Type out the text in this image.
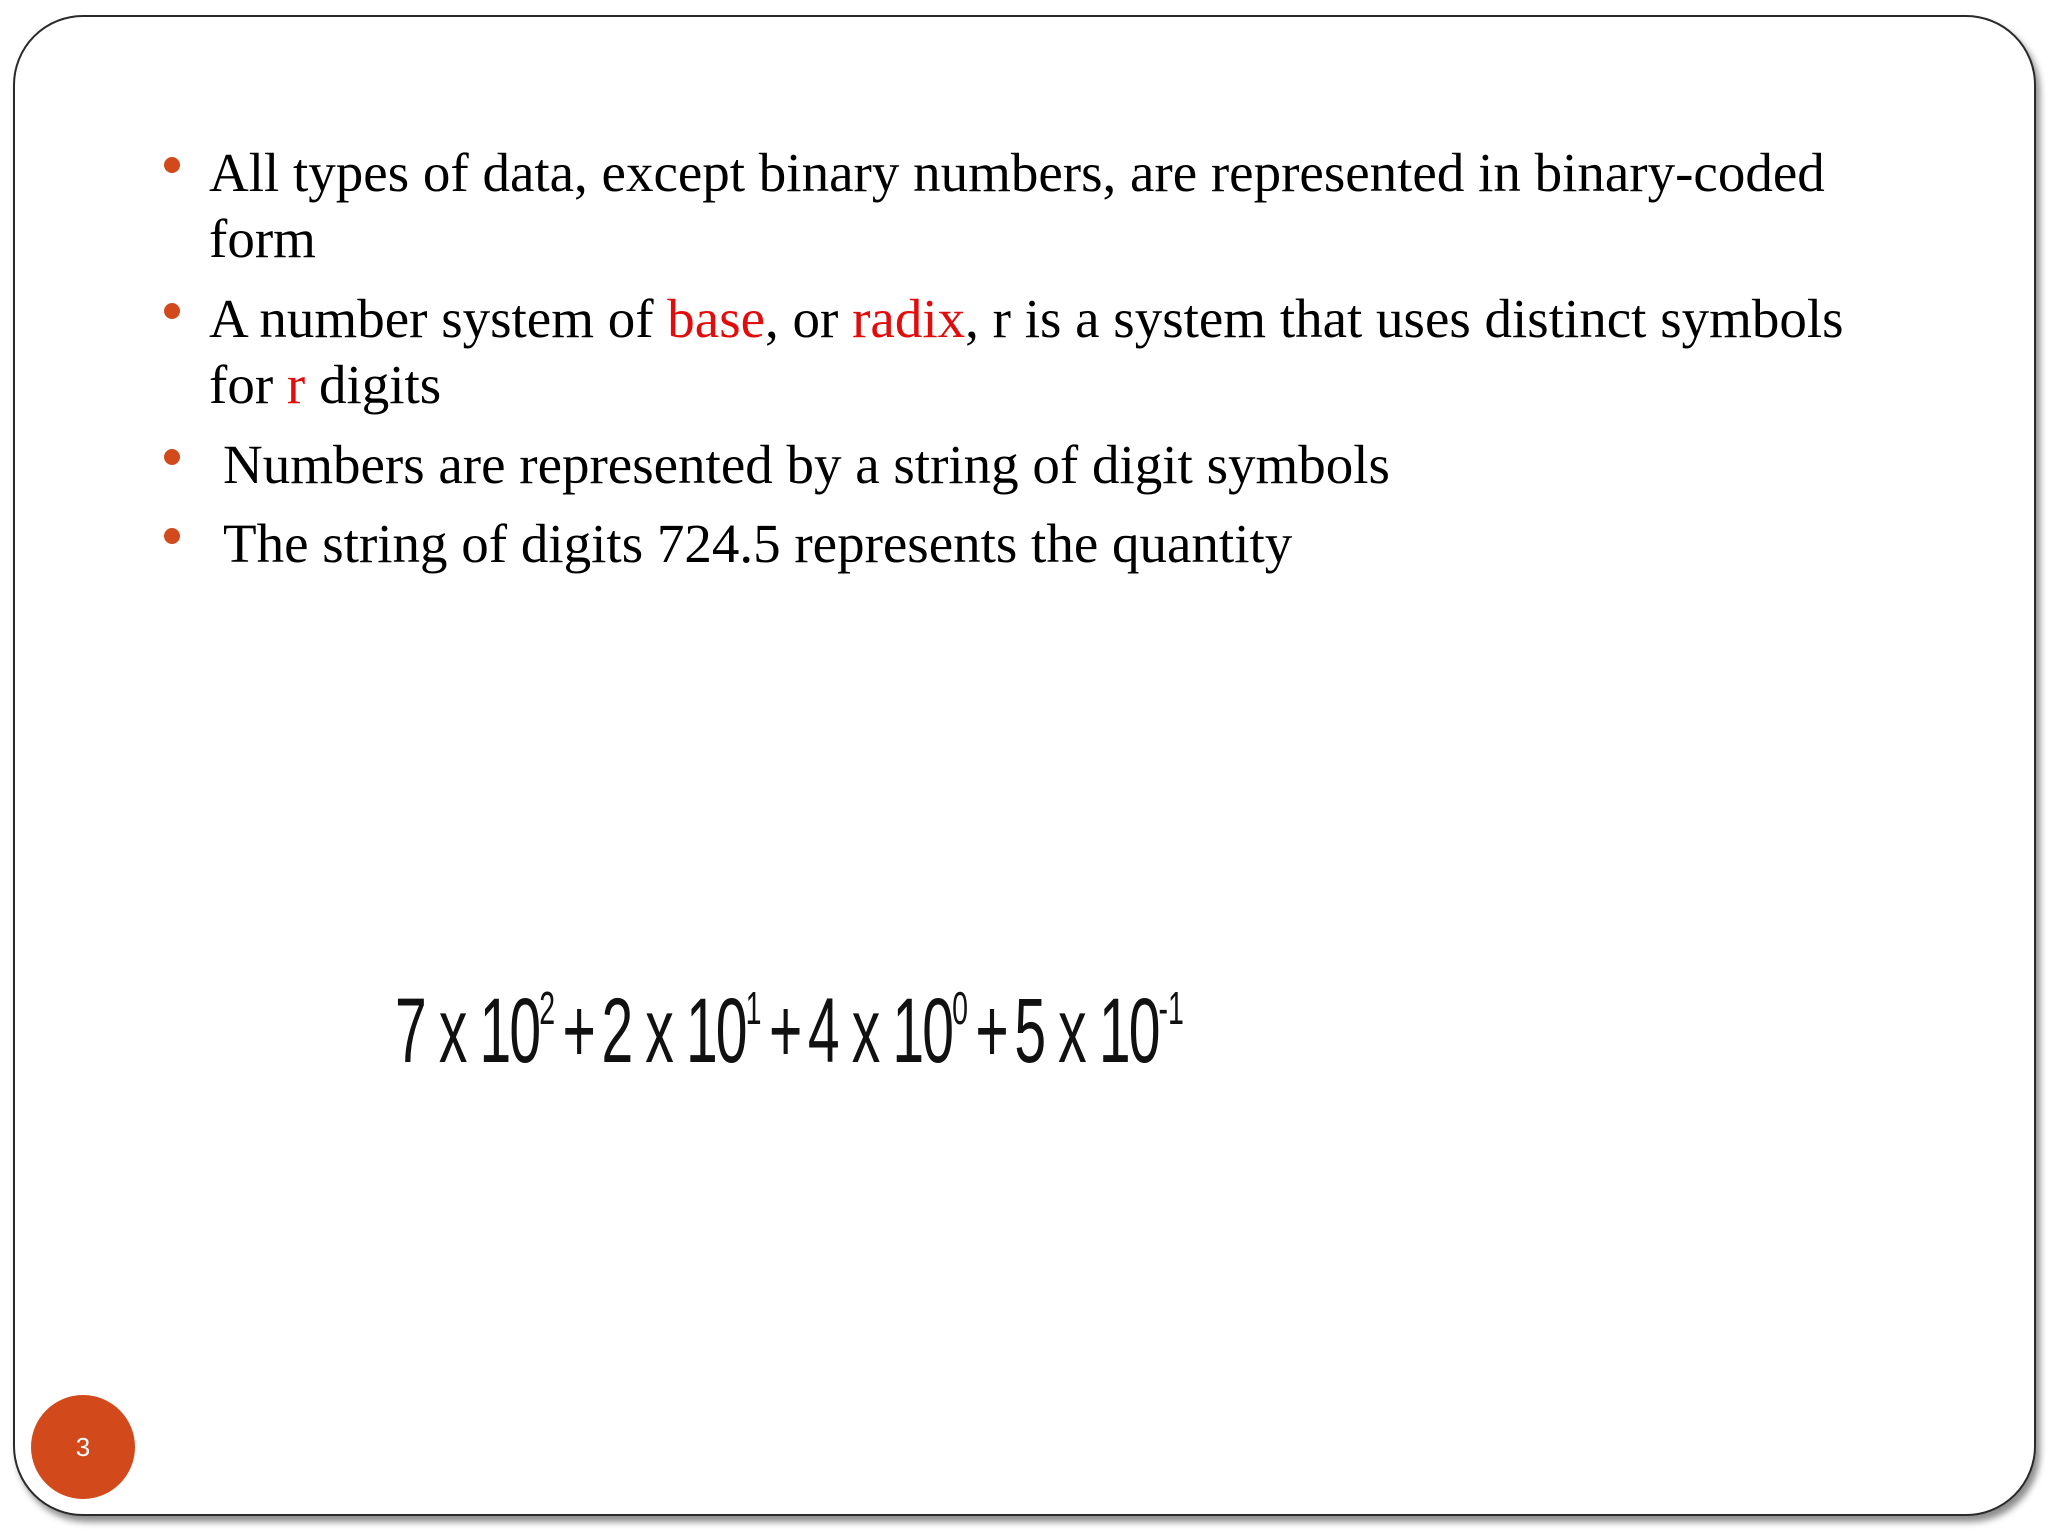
All types of data, except binary numbers, are represented in binary-coded form
A number system of base, or radix, r is a system that uses distinct symbols for r digits
Numbers are represented by a string of digit symbols
The string of digits 724.5 represents the quantity
7 x $10^2+2$ x $10^1+4$ x $10^0+5$ x $10^{-1}$
3
